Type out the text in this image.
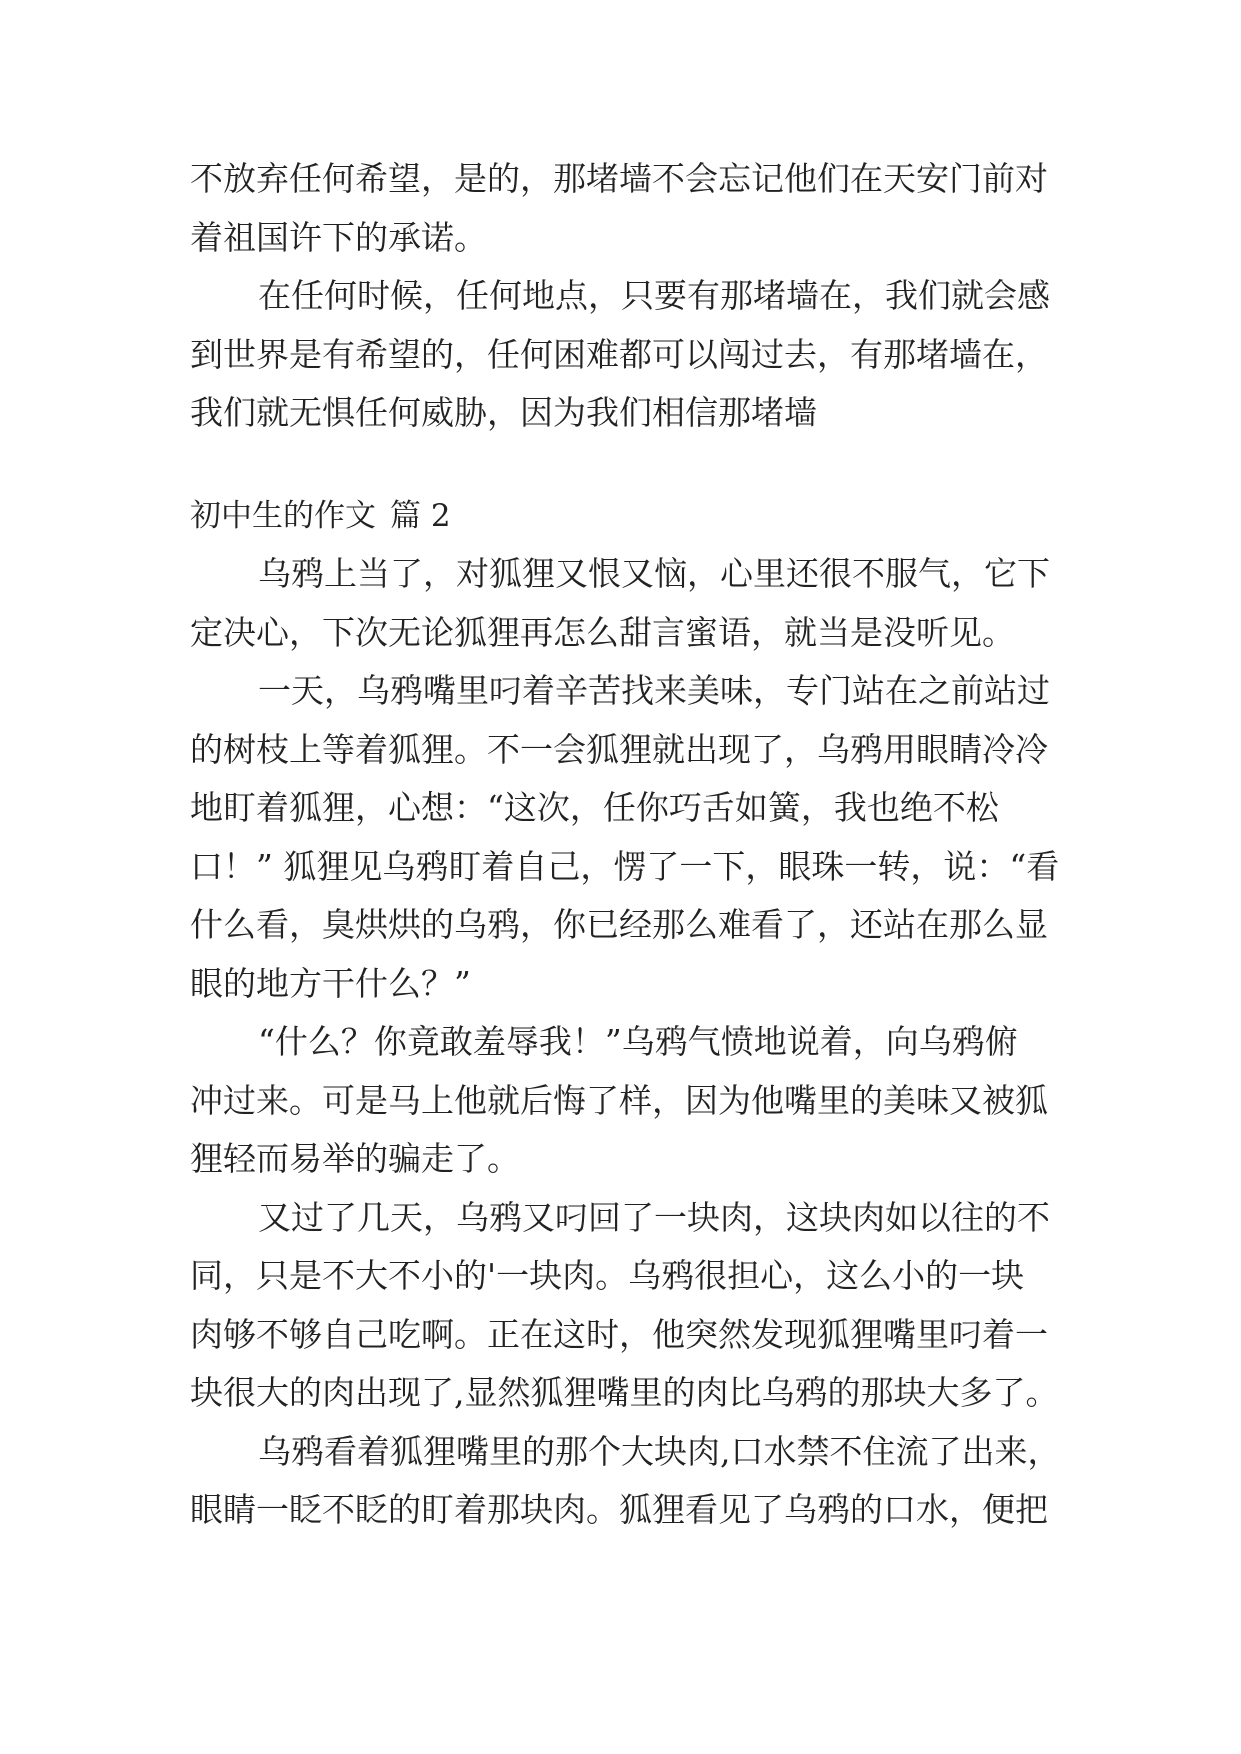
不放弃任何希望，是的，那堵墙不会忘记他们在天安门前对
着祖国许下的承诺。
在任何时候，任何地点，只要有那堵墙在，我们就会感
到世界是有希望的，任何困难都可以闯过去，有那堵墙在，
我们就无惧任何威胁，因为我们相信那堵墙
初中生的作文 篇 2
乌鸦上当了，对狐狸又恨又恼，心里还很不服气，它下
定决心，下次无论狐狸再怎么甜言蜜语，就当是没听见。
一天，乌鸦嘴里叼着辛苦找来美味，专门站在之前站过
的树枝上等着狐狸。不一会狐狸就出现了，乌鸦用眼睛冷冷
地盯着狐狸，心想：“这次，任你巧舌如簧，我也绝不松
口！” 狐狸见乌鸦盯着自己，愣了一下，眼珠一转，说：“看
什么看，臭烘烘的乌鸦，你已经那么难看了，还站在那么显
眼的地方干什么？”
“什么？你竟敢羞辱我！”乌鸦气愤地说着，向乌鸦俯
冲过来。可是马上他就后悔了样，因为他嘴里的美味又被狐
狸轻而易举的骗走了。
又过了几天，乌鸦又叼回了一块肉，这块肉如以往的不
同，只是不大不小的'一块肉。乌鸦很担心，这么小的一块
肉够不够自己吃啊。正在这时，他突然发现狐狸嘴里叼着一
块很大的肉出现了,显然狐狸嘴里的肉比乌鸦的那块大多了。
乌鸦看着狐狸嘴里的那个大块肉,口水禁不住流了出来，
眼睛一眨不眨的盯着那块肉。狐狸看见了乌鸦的口水，便把
